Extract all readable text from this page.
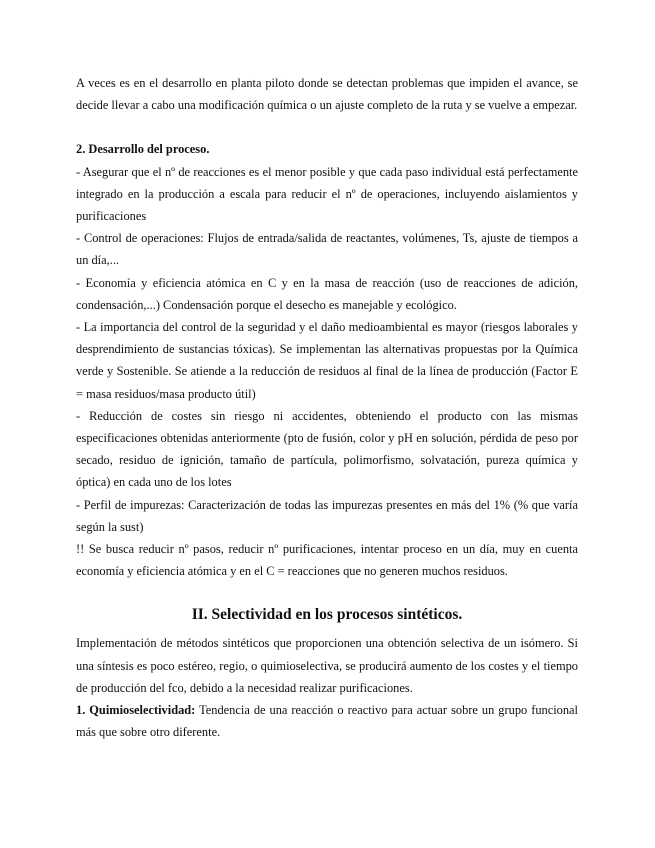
A veces es en el desarrollo en planta piloto donde se detectan problemas que impiden el avance, se decide llevar a cabo una modificación química o un ajuste completo de la ruta y se vuelve a empezar.

2. Desarrollo del proceso.

- Asegurar que el nº de reacciones es el menor posible y que cada paso individual está perfectamente integrado en la producción a escala para reducir el nº de operaciones, incluyendo aislamientos y purificaciones

- Control de operaciones: Flujos de entrada/salida de reactantes, volúmenes, Ts, ajuste de tiempos a un día,...

- Economía y eficiencia atómica en C y en la masa de reacción (uso de reacciones de adición, condensación,...) Condensación porque el desecho es manejable y ecológico.

- La importancia del control de la seguridad y el daño medioambiental es mayor (riesgos laborales y desprendimiento de sustancias tóxicas). Se implementan las alternativas propuestas por la Química verde y Sostenible. Se atiende a la reducción de residuos al final de la línea de producción (Factor E = masa residuos/masa producto útil)

- Reducción de costes sin riesgo ni accidentes, obteniendo el producto con las mismas especificaciones obtenidas anteriormente (pto de fusión, color y pH en solución, pérdida de peso por secado, residuo de ignición, tamaño de partícula, polimorfismo, solvatación, pureza química y óptica) en cada uno de los lotes

- Perfil de impurezas: Caracterización de todas las impurezas presentes en más del 1% (% que varía según la sust)

!! Se busca reducir nº pasos, reducir nº purificaciones, intentar proceso en un día, muy en cuenta economía y eficiencia atómica y en el C = reacciones que no generen muchos residuos.

II. Selectividad en los procesos sintéticos.

Implementación de métodos sintéticos que proporcionen una obtención selectiva de un isómero. Si una síntesis es poco estéreo, regio, o quimioselectiva, se producirá aumento de los costes y el tiempo de producción del fco, debido a la necesidad realizar purificaciones.

1. Quimioselectividad: Tendencia de una reacción o reactivo para actuar sobre un grupo funcional más que sobre otro diferente.
